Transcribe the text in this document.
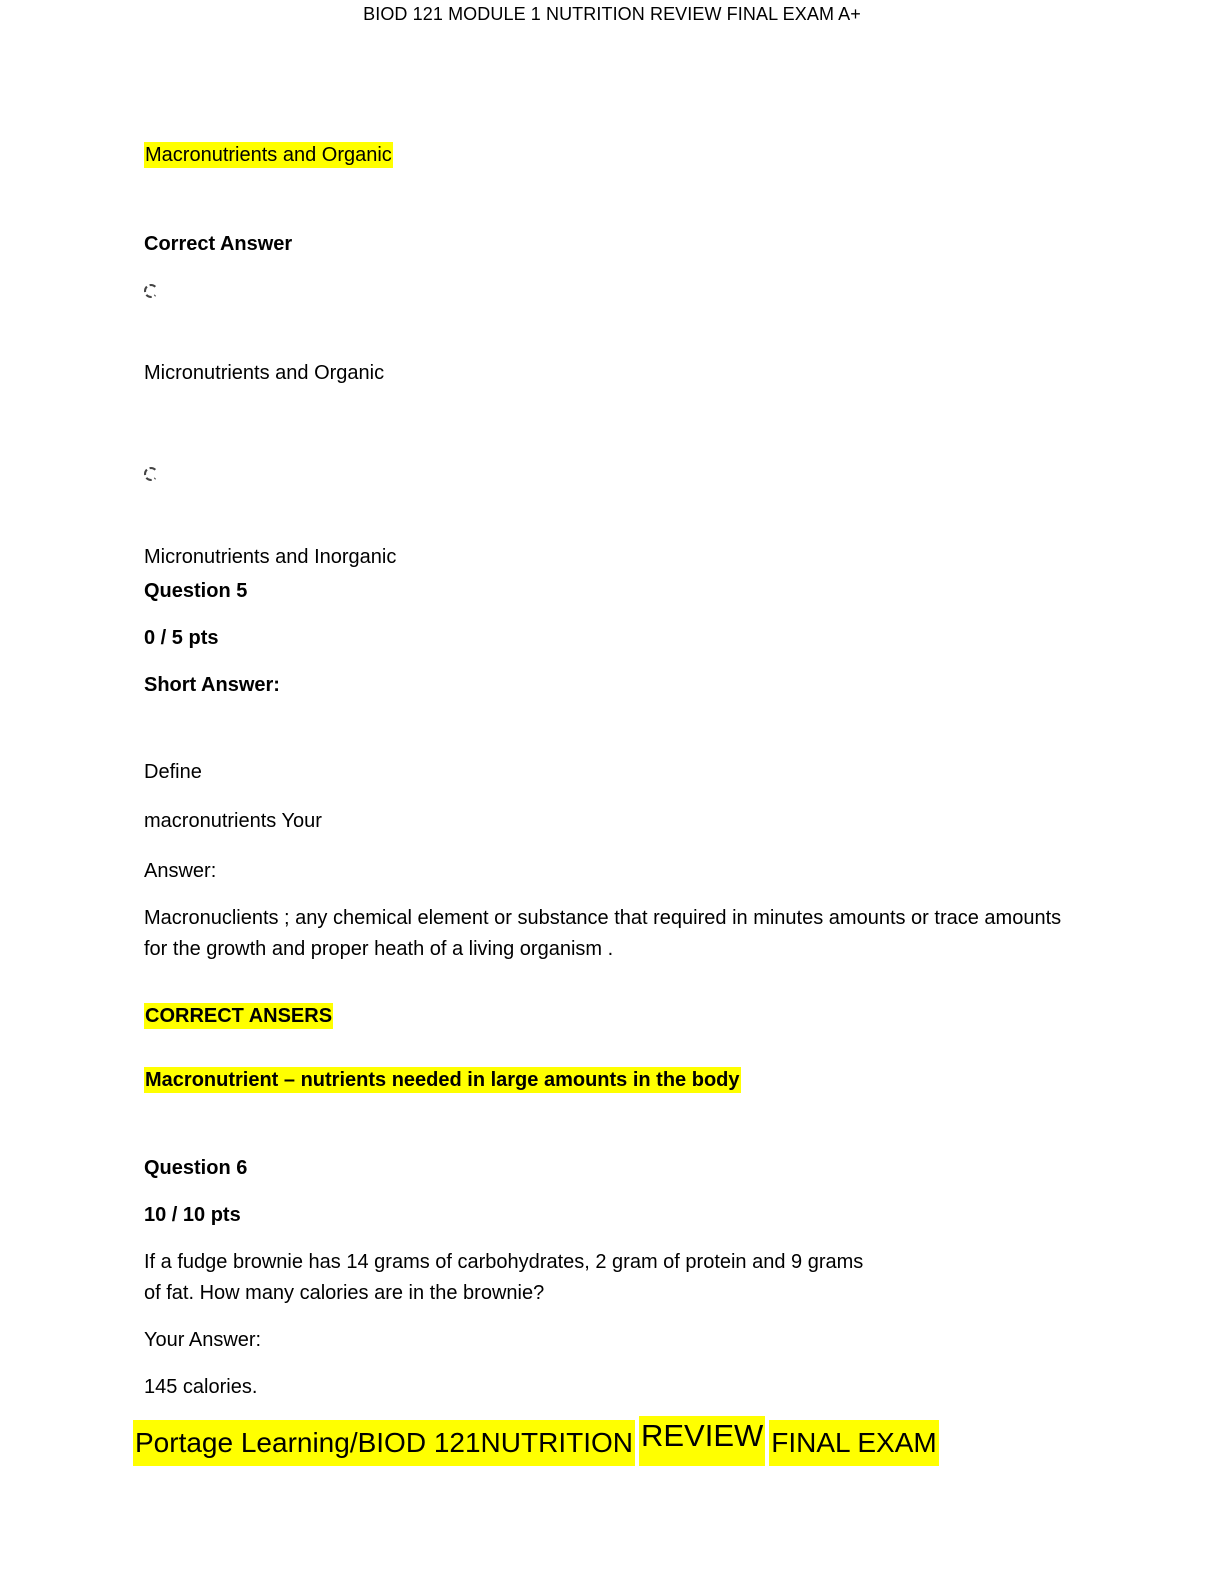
BIOD 121 MODULE 1 NUTRITION REVIEW FINAL EXAM A+
Macronutrients and Organic
Correct Answer
Micronutrients and Organic
Micronutrients and Inorganic
Question 5
0 / 5 pts
Short Answer:
Define
macronutrients Your
Answer:
Macronuclients ; any chemical element or substance that required in minutes amounts or trace amounts for the growth and proper heath of a living organism .
CORRECT ANSERS
Macronutrient – nutrients needed in large amounts in the body
Question 6
10 / 10 pts
If a fudge brownie has 14 grams of carbohydrates, 2 gram of protein and 9 grams of fat. How many calories are in the brownie?
Your Answer:
145 calories.
Portage Learning/BIOD 121NUTRITION REVIEW FINAL EXAM
